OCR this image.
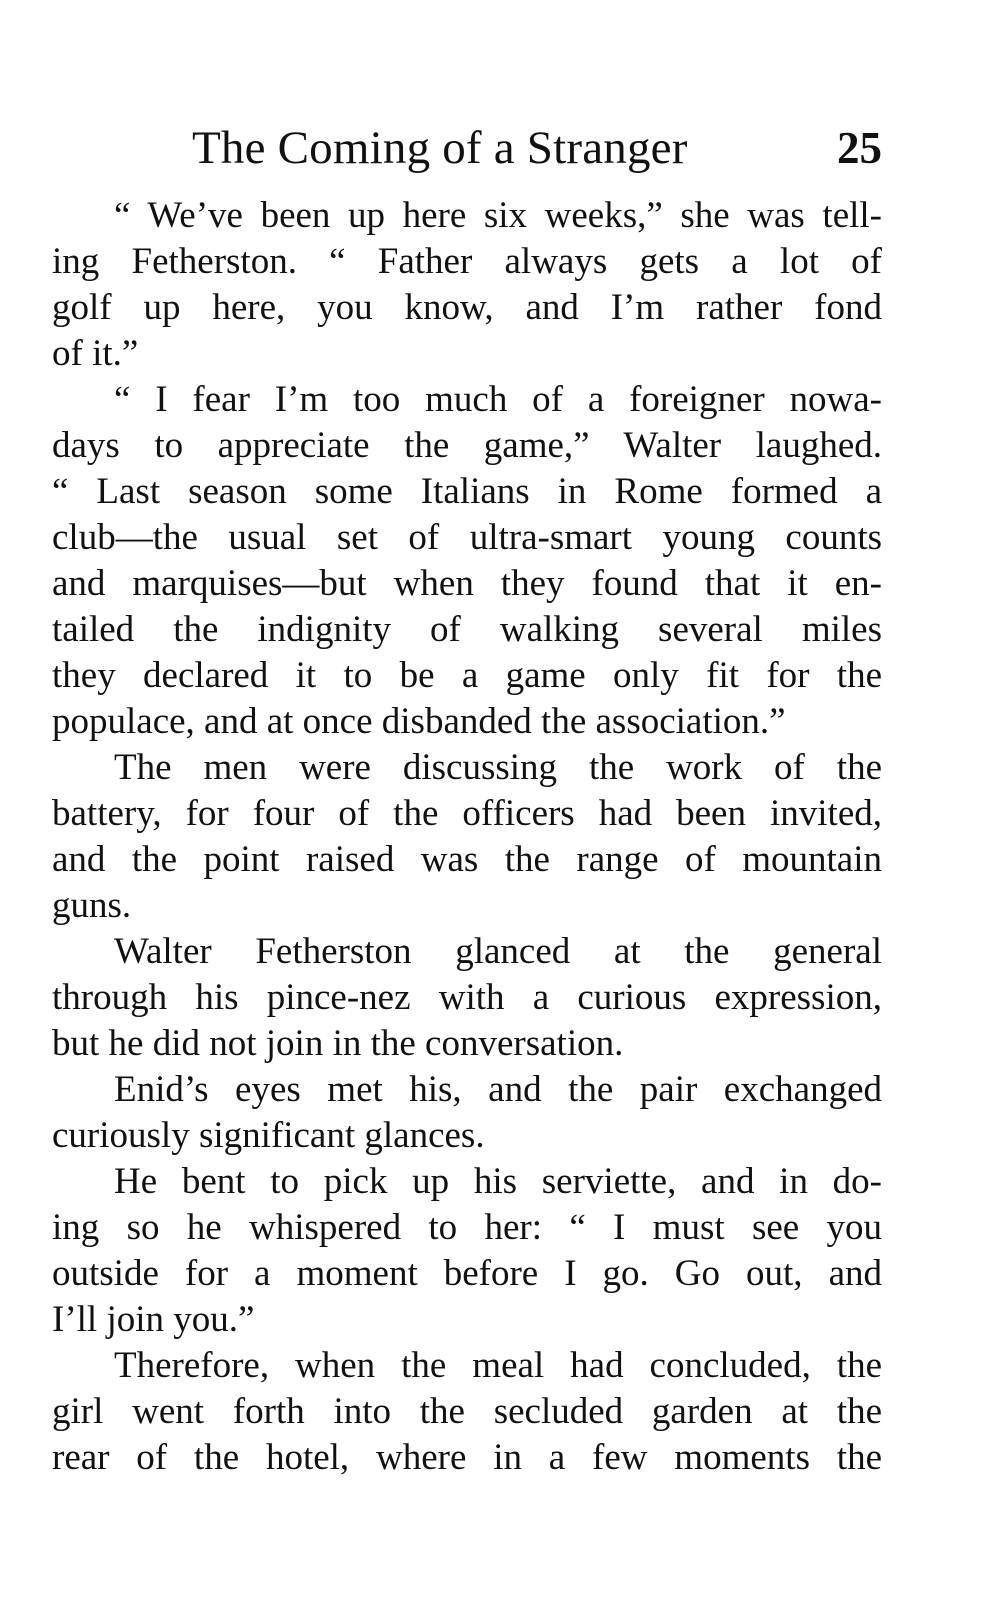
The Coming of a Stranger	25
“ We’ve been up here six weeks,” she was tell-
ing Fetherston. “ Father always gets a lot of
golf up here, you know, and I’m rather fond
of it.”
“ I fear I’m too much of a foreigner nowa-
days to appreciate the game,” Walter laughed.
“ Last season some Italians in Rome formed a
club—the usual set of ultra-smart young counts
and marquises—but when they found that it en-
tailed the indignity of walking several miles
they declared it to be a game only fit for the
populace, and at once disbanded the association.”
The men were discussing the work of the
battery, for four of the officers had been invited,
and the point raised was the range of mountain
guns.
Walter Fetherston glanced at the general
through his pince-nez with a curious expression,
but he did not join in the conversation.
Enid’s eyes met his, and the pair exchanged
curiously significant glances.
He bent to pick up his serviette, and in do-
ing so he whispered to her: “ I must see you
outside for a moment before I go. Go out, and
I’ll join you.”
Therefore, when the meal had concluded, the
girl went forth into the secluded garden at the
rear of the hotel, where in a few moments the
